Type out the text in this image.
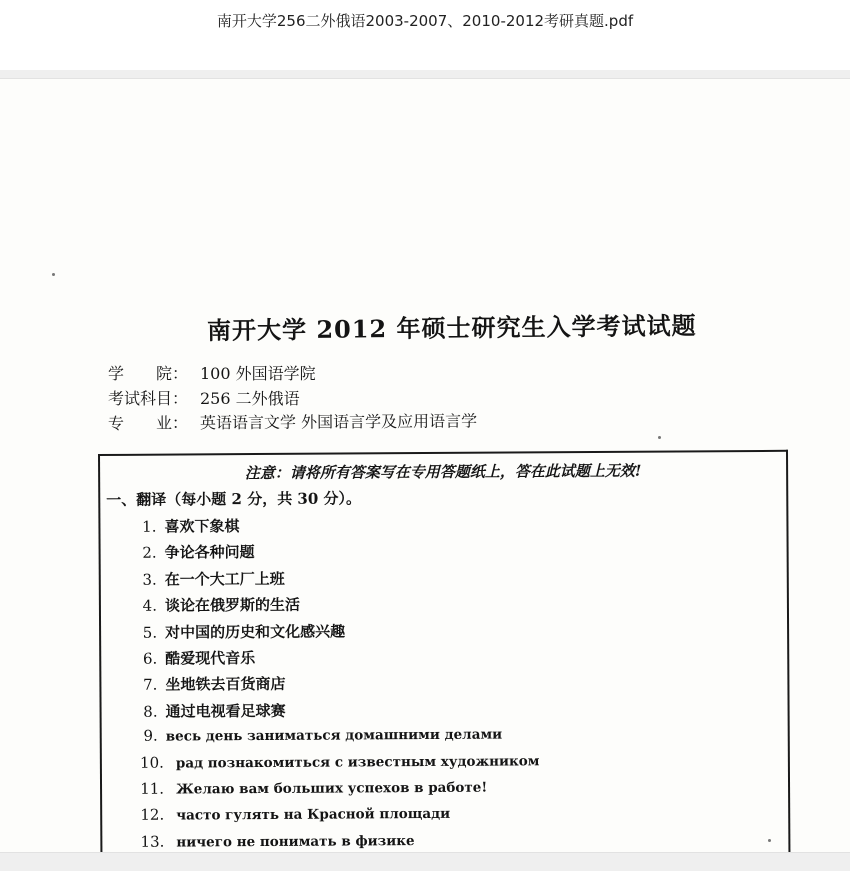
南开大学256二外俄语2003-2007、2010-2012考研真题.pdf
南开大学 2012 年硕士研究生入学考试试题
学　　院： 100 外国语学院
考试科目： 256 二外俄语
专　　业： 英语语言文学 外国语言学及应用语言学
注意：请将所有答案写在专用答题纸上，答在此试题上无效!
一、翻译（每小题 2 分，共 30 分）。
1. 喜欢下象棋
2. 争论各种问题
3. 在一个大工厂上班
4. 谈论在俄罗斯的生活
5. 对中国的历史和文化感兴趣
6. 酷爱现代音乐
7. 坐地铁去百货商店
8. 通过电视看足球赛
9. весь день заниматься домашними делами
10. рад познакомиться с известным художником
11. Желаю вам больших успехов в работе!
12. часто гулять на Красной площади
13. ничего не понимать в физике
